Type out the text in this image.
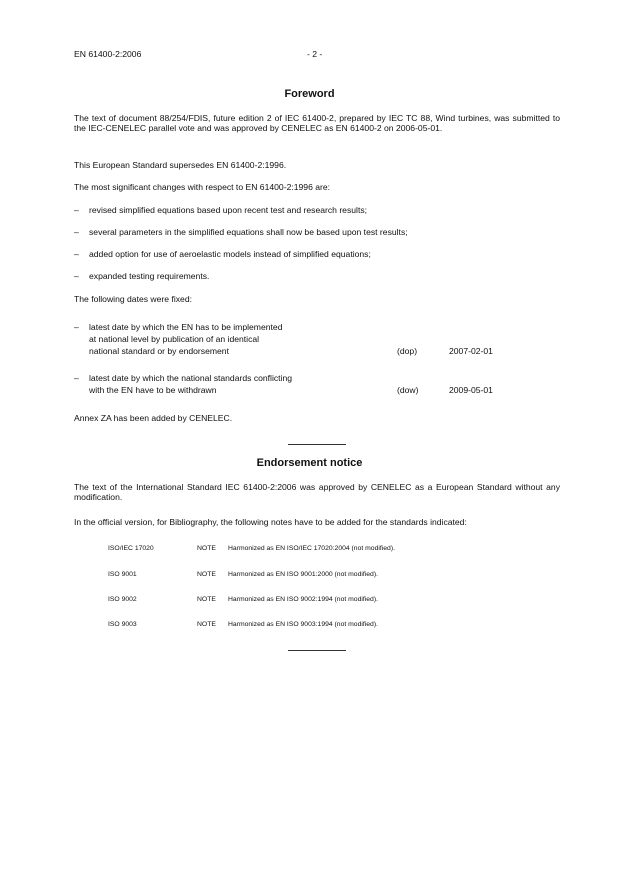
EN 61400-2:2006	- 2 -
Foreword
The text of document 88/254/FDIS, future edition 2 of IEC 61400-2, prepared by IEC TC 88, Wind turbines, was submitted to the IEC-CENELEC parallel vote and was approved by CENELEC as EN 61400-2 on 2006-05-01.
This European Standard supersedes EN 61400-2:1996.
The most significant changes with respect to EN 61400-2:1996 are:
– revised simplified equations based upon recent test and research results;
– several parameters in the simplified equations shall now be based upon test results;
– added option for use of aeroelastic models instead of simplified equations;
– expanded testing requirements.
The following dates were fixed:
– latest date by which the EN has to be implemented
at national level by publication of an identical
national standard or by endorsement	(dop)	2007-02-01
– latest date by which the national standards conflicting
with the EN have to be withdrawn	(dow)	2009-05-01
Annex ZA has been added by CENELEC.
Endorsement notice
The text of the International Standard IEC 61400-2:2006 was approved by CENELEC as a European Standard without any modification.
In the official version, for Bibliography, the following notes have to be added for the standards indicated:
ISO/IEC 17020	NOTE Harmonized as EN ISO/IEC 17020:2004 (not modified).
ISO 9001	NOTE Harmonized as EN ISO 9001:2000 (not modified).
ISO 9002	NOTE Harmonized as EN ISO 9002:1994 (not modified).
ISO 9003	NOTE Harmonized as EN ISO 9003:1994 (not modified).
